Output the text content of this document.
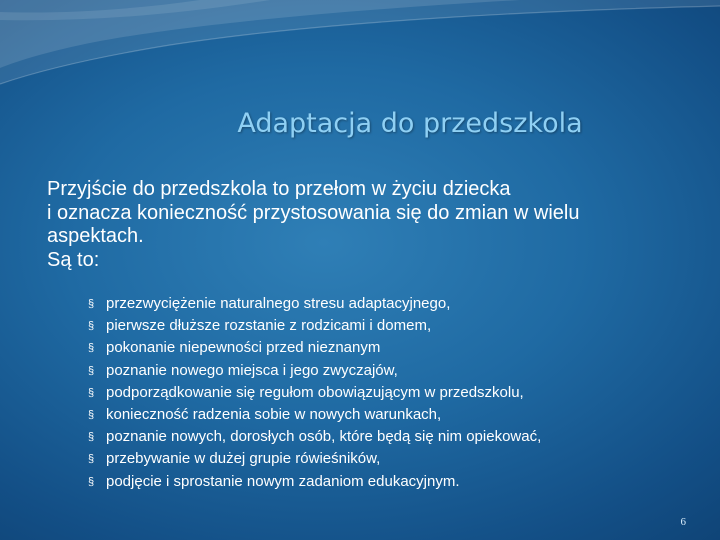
Adaptacja do przedszkola
Przyjście do przedszkola to przełom w życiu dziecka
i oznacza konieczność przystosowania się do zmian w wielu
aspektach.
Są to:
§ przezwyciężenie naturalnego stresu adaptacyjnego,
§ pierwsze dłuższe rozstanie z rodzicami i domem,
§ pokonanie niepewności przed nieznanym
§ poznanie nowego miejsca i jego zwyczajów,
§ podporządkowanie się regułom obowiązującym w przedszkolu,
§ konieczność radzenia sobie w nowych warunkach,
§ poznanie nowych, dorosłych osób, które będą się nim opiekować,
§ przebywanie w dużej grupie rówieśników,
§ podjęcie i sprostanie nowym zadaniom edukacyjnym.
6
